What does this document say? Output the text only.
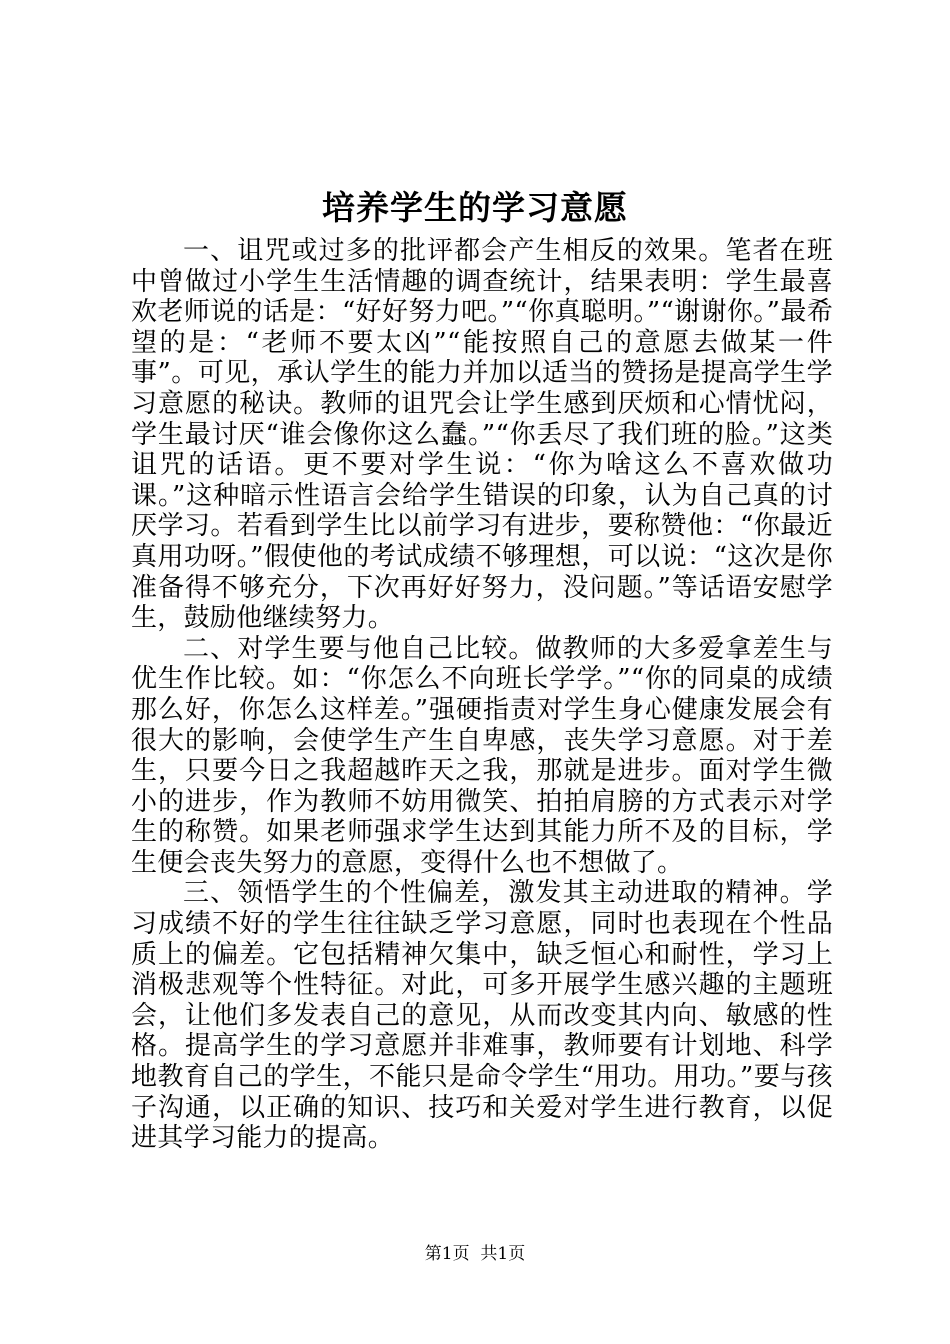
培养学生的学习意愿

一、诅咒或过多的批评都会产生相反的效果。笔者在班中曾做过小学生生活情趣的调查统计，结果表明：学生最喜欢老师说的话是：“好好努力吧。”“你真聪明。”“谢谢你。”最希望的是：“老师不要太凶”“能按照自己的意愿去做某一件事”。可见，承认学生的能力并加以适当的赞扬是提高学生学习意愿的秘诀。教师的诅咒会让学生感到厌烦和心情忧闷，学生最讨厌“谁会像你这么蠢。”“你丢尽了我们班的脸。”这类诅咒的话语。更不要对学生说：“你为啥这么不喜欢做功课。”这种暗示性语言会给学生错误的印象，认为自己真的讨厌学习。若看到学生比以前学习有进步，要称赞他：“你最近真用功呀。”假使他的考试成绩不够理想，可以说：“这次是你准备得不够充分，下次再好好努力，没问题。”等话语安慰学生，鼓励他继续努力。

二、对学生要与他自己比较。做教师的大多爱拿差生与优生作比较。如：“你怎么不向班长学学。”“你的同桌的成绩那么好，你怎么这样差。”强硬指责对学生身心健康发展会有很大的影响，会使学生产生自卑感，丧失学习意愿。对于差生，只要今日之我超越昨天之我，那就是进步。面对学生微小的进步，作为教师不妨用微笑、拍拍肩膀的方式表示对学生的称赞。如果老师强求学生达到其能力所不及的目标，学生便会丧失努力的意愿，变得什么也不想做了。

三、领悟学生的个性偏差，激发其主动进取的精神。学习成绩不好的学生往往缺乏学习意愿，同时也表现在个性品质上的偏差。它包括精神欠集中，缺乏恒心和耐性，学习上消极悲观等个性特征。对此，可多开展学生感兴趣的主题班会，让他们多发表自己的意见，从而改变其内向、敏感的性格。提高学生的学习意愿并非难事，教师要有计划地、科学地教育自己的学生，不能只是命令学生“用功。用功。”要与孩子沟通，以正确的知识、技巧和关爱对学生进行教育，以促进其学习能力的提高。

第1页  共1页
